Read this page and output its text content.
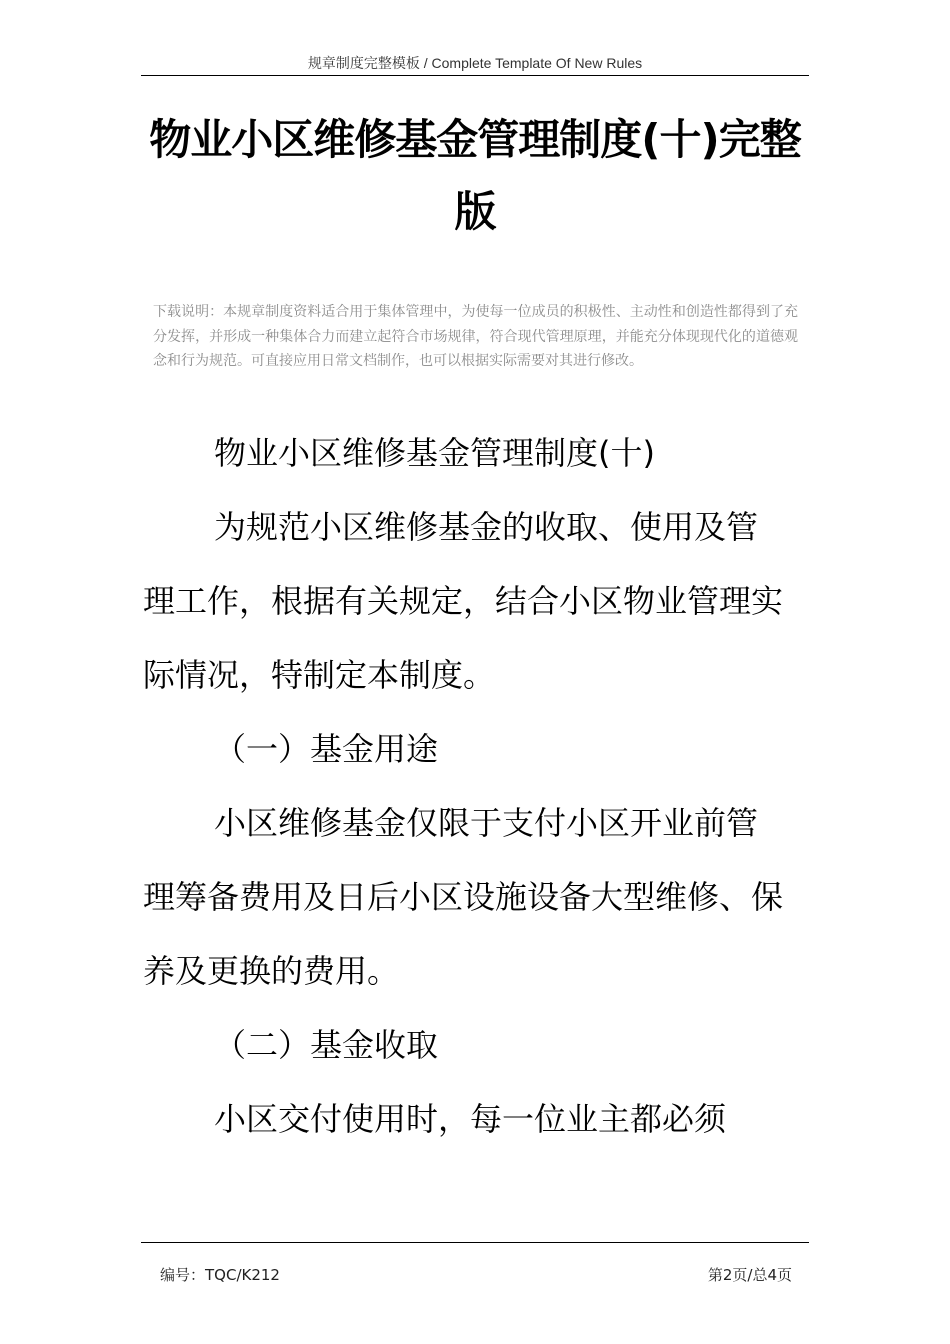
规章制度完整模板 / Complete Template Of New Rules
物业小区维修基金管理制度(十)完整
版
下载说明：本规章制度资料适合用于集体管理中，为使每一位成员的积极性、主动性和创造性都得到了充分发挥，并形成一种集体合力而建立起符合市场规律，符合现代管理原理，并能充分体现现代化的道德观念和行为规范。可直接应用日常文档制作，也可以根据实际需要对其进行修改。

物业小区维修基金管理制度(十)

为规范小区维修基金的收取、使用及管理工作，根据有关规定，结合小区物业管理实际情况，特制定本制度。

（一）基金用途

小区维修基金仅限于支付小区开业前管理筹备费用及日后小区设施设备大型维修、保养及更换的费用。

（二）基金收取

小区交付使用时，每一位业主都必须

编号：TQC/K212	第2页/总4页
